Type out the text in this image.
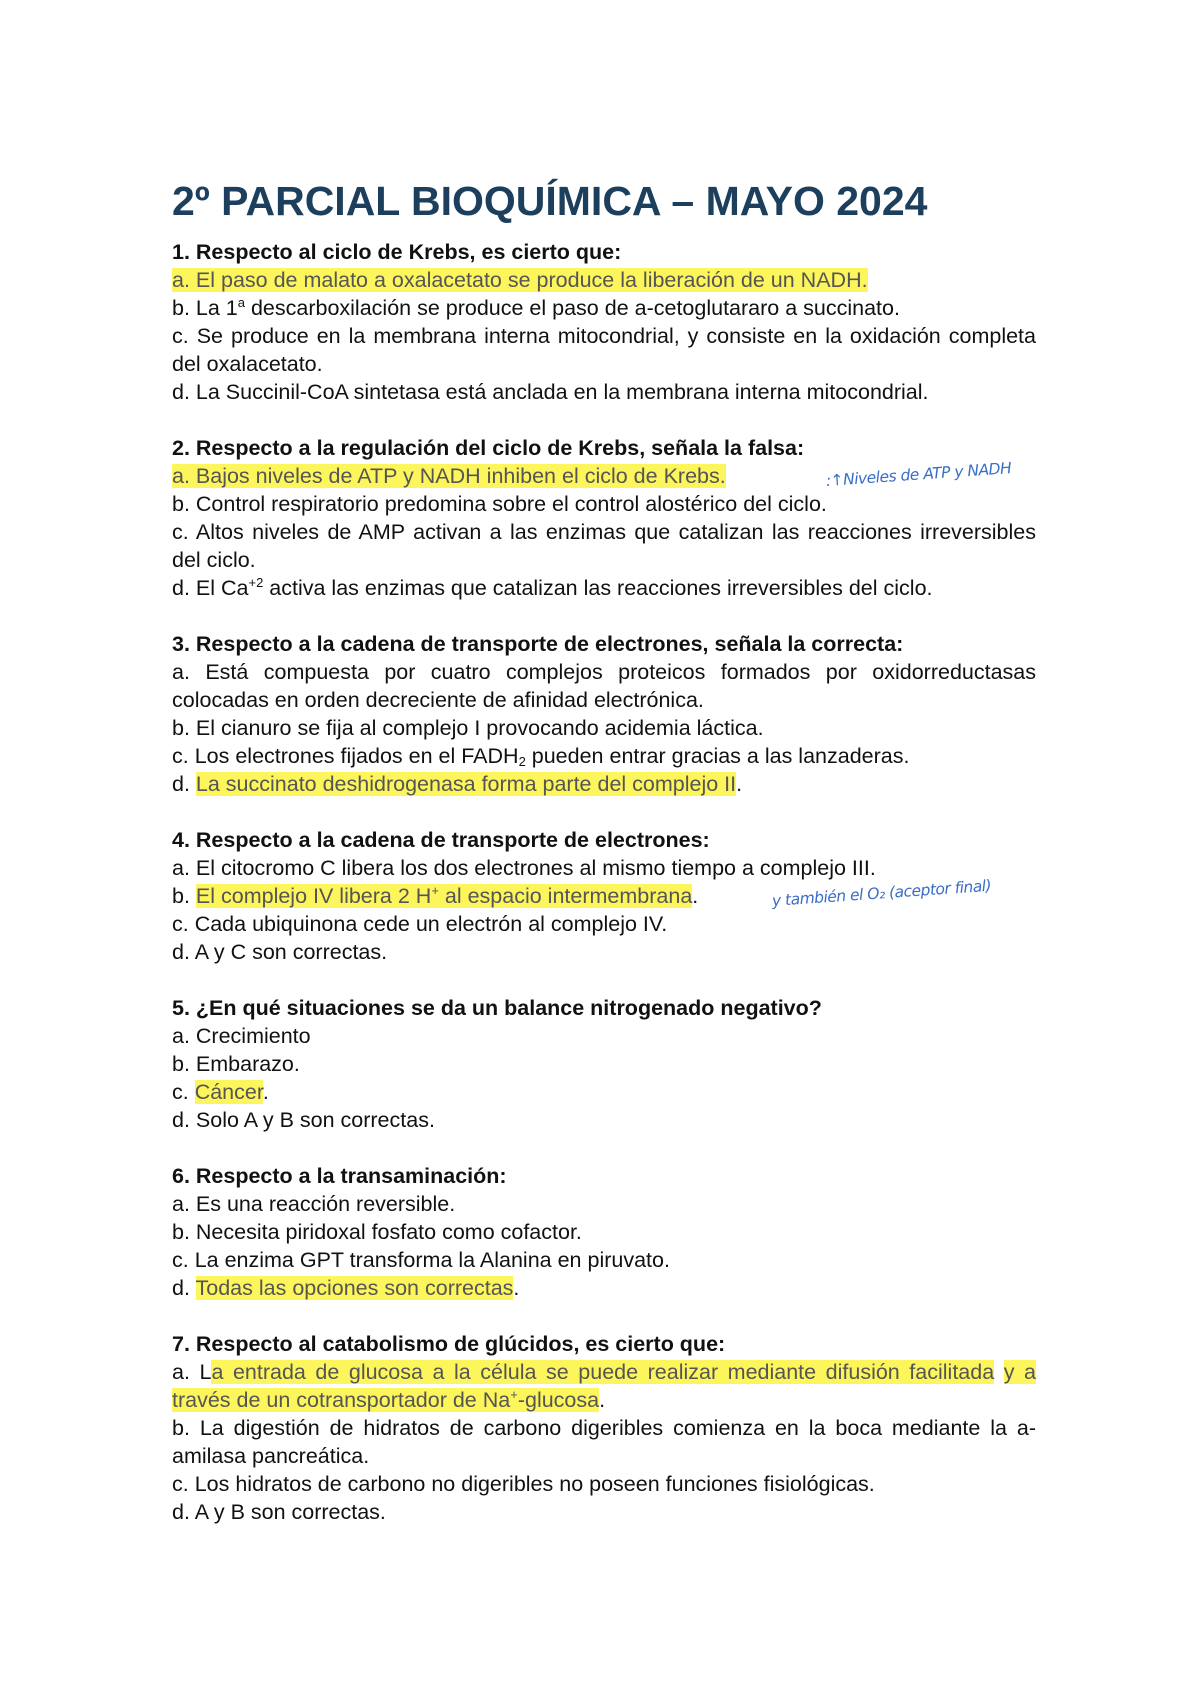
2º PARCIAL BIOQUÍMICA – MAYO 2024
1. Respecto al ciclo de Krebs, es cierto que:
a. El paso de malato a oxalacetato se produce la liberación de un NADH.
b. La 1$^a$ descarboxilación se produce el paso de a-cetoglutararo a succinato.
c. Se produce en la membrana interna mitocondrial, y consiste en la oxidación completa del oxalacetato.
d. La Succinil-CoA sintetasa está anclada en la membrana interna mitocondrial.
2. Respecto a la regulación del ciclo de Krebs, señala la falsa:
a. Bajos niveles de ATP y NADH inhiben el ciclo de Krebs.
b. Control respiratorio predomina sobre el control alostérico del ciclo.
c. Altos niveles de AMP activan a las enzimas que catalizan las reacciones irreversibles del ciclo.
d. El $Ca^{+2}$ activa las enzimas que catalizan las reacciones irreversibles del ciclo.
3. Respecto a la cadena de transporte de electrones, señala la correcta:
a. Está compuesta por cuatro complejos proteicos formados por oxidorreductasas colocadas en orden decreciente de afinidad electrónica.
b. El cianuro se fija al complejo I provocando acidemia láctica.
c. Los electrones fijados en el $FADH_2$ pueden entrar gracias a las lanzaderas.
d. La succinato deshidrogenasa forma parte del complejo II.
4. Respecto a la cadena de transporte de electrones:
a. El citocromo C libera los dos electrones al mismo tiempo a complejo III.
b. El complejo IV libera 2 H+ al espacio intermembrana.
c. Cada ubiquinona cede un electrón al complejo IV.
d. A y C son correctas.
5. ¿En qué situaciones se da un balance nitrogenado negativo?
a. Crecimiento
b. Embarazo.
c. Cáncer.
d. Solo A y B son correctas.
6. Respecto a la transaminación:
a. Es una reacción reversible.
b. Necesita piridoxal fosfato como cofactor.
c. La enzima GPT transforma la Alanina en piruvato.
d. Todas las opciones son correctas.
7. Respecto al catabolismo de glúcidos, es cierto que:
a. La entrada de glucosa a la célula se puede realizar mediante difusión facilitada y a través de un cotransportador de Na+-glucosa.
b. La digestión de hidratos de carbono digeribles comienza en la boca mediante la a-amilasa pancreática.
c. Los hidratos de carbono no digeribles no poseen funciones fisiológicas.
d. A y B son correctas.
:↑Niveles de ATP y NADH
y también el O₂ (aceptor final)
